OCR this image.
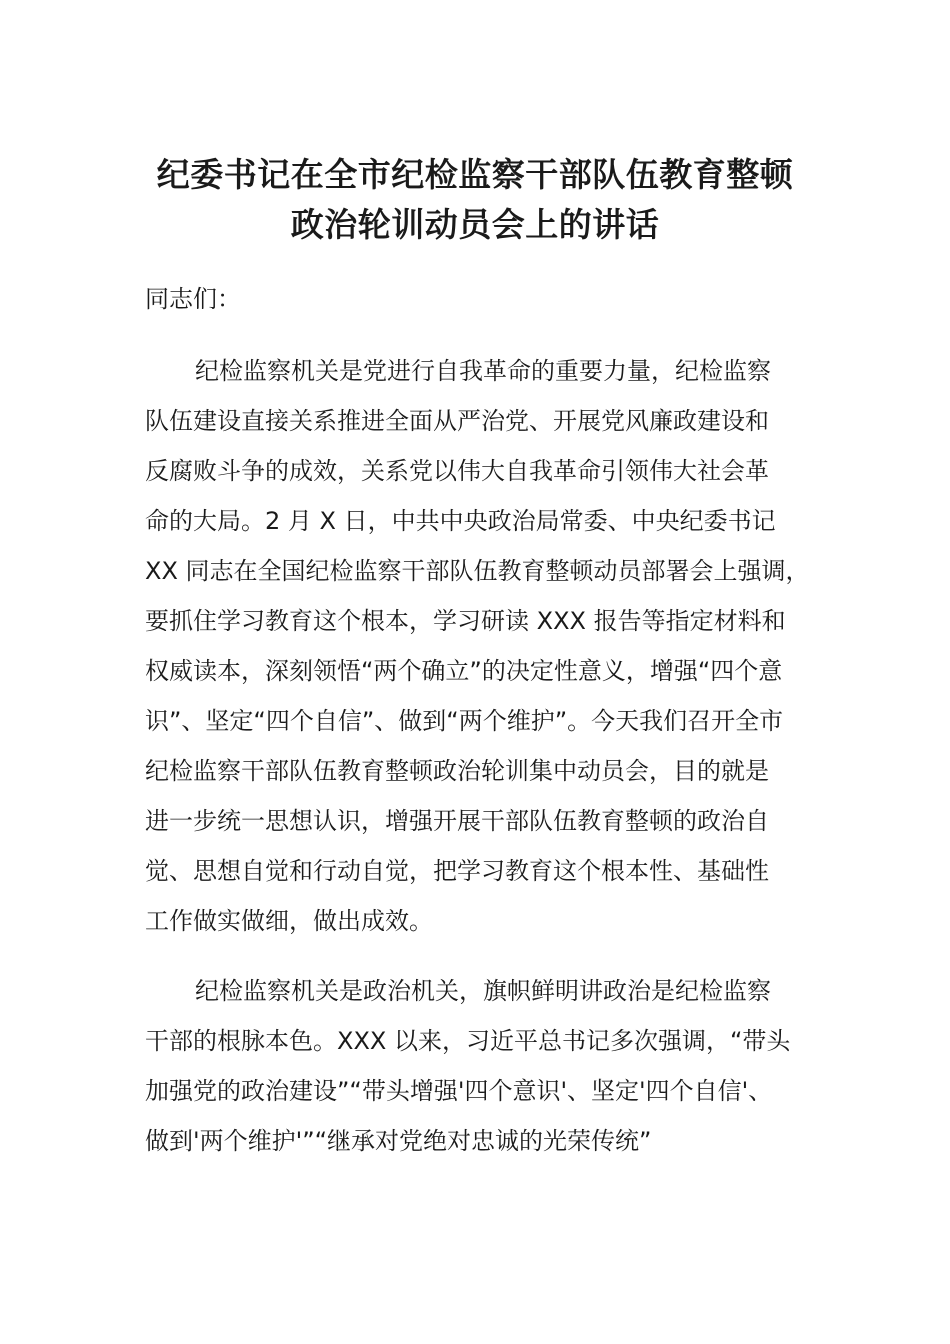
纪委书记在全市纪检监察干部队伍教育整顿
政治轮训动员会上的讲话
同志们：
纪检监察机关是党进行自我革命的重要力量，纪检监察
队伍建设直接关系推进全面从严治党、开展党风廉政建设和
反腐败斗争的成效，关系党以伟大自我革命引领伟大社会革
命的大局。2 月 X 日，中共中央政治局常委、中央纪委书记
XX 同志在全国纪检监察干部队伍教育整顿动员部署会上强调，
要抓住学习教育这个根本，学习研读 XXX 报告等指定材料和
权威读本，深刻领悟“两个确立”的决定性意义，增强“四个意
识”、坚定“四个自信”、做到“两个维护”。今天我们召开全市
纪检监察干部队伍教育整顿政治轮训集中动员会，目的就是
进一步统一思想认识，增强开展干部队伍教育整顿的政治自
觉、思想自觉和行动自觉，把学习教育这个根本性、基础性
工作做实做细，做出成效。
纪检监察机关是政治机关，旗帜鲜明讲政治是纪检监察
干部的根脉本色。XXX 以来，习近平总书记多次强调，“带头
加强党的政治建设”“带头增强'四个意识'、坚定'四个自信'、
做到'两个维护'”“继承对党绝对忠诚的光荣传统”
